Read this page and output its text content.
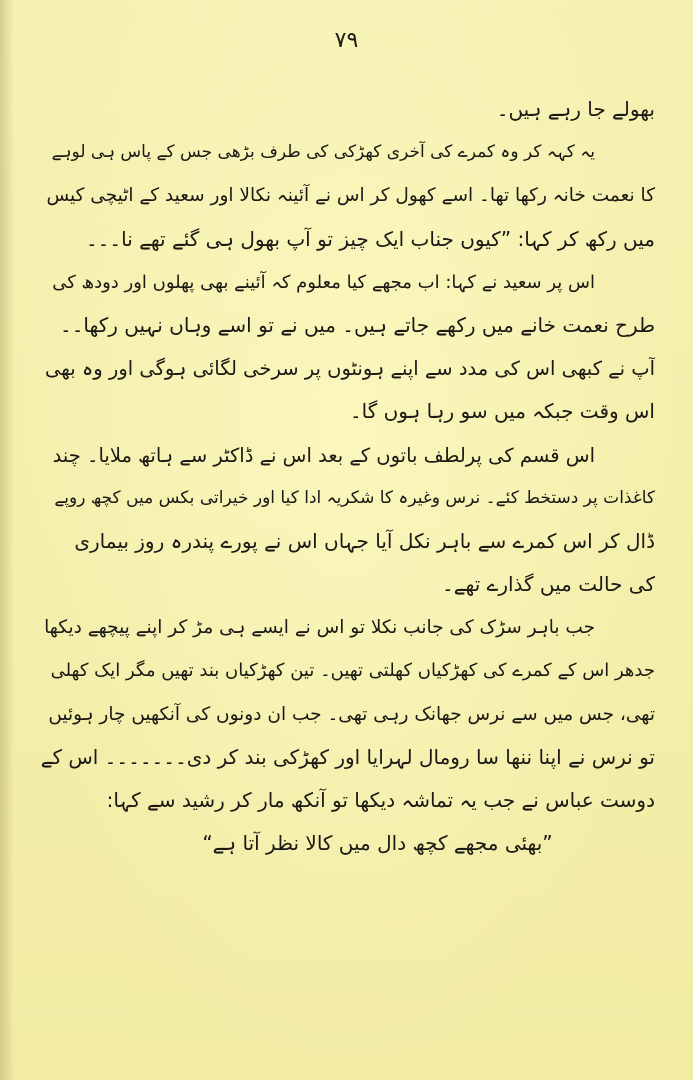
۷۹
بھولے جا رہے ہیں۔
یہ کہہ کر وہ کمرے کی آخری کھڑکی کی طرف بڑھی جس کے پاس ہی لوہے
کا نعمت خانہ رکھا تھا۔ اسے کھول کر اس نے آئینہ نکالا اور سعید کے اٹیچی کیس
میں رکھ کر کہا: ”کیوں جناب ایک چیز تو آپ بھول ہی گئے تھے نا۔۔۔
اس پر سعید نے کہا: اب مجھے کیا معلوم کہ آئینے بھی پھلوں اور دودھ کی
طرح نعمت خانے میں رکھے جاتے ہیں۔ میں نے تو اسے وہاں نہیں رکھا۔۔
آپ نے کبھی اس کی مدد سے اپنے ہونٹوں پر سرخی لگائی ہوگی اور وہ بھی
اس وقت جبکہ میں سو رہا ہوں گا۔
اس قسم کی پرلطف باتوں کے بعد اس نے ڈاکٹر سے ہاتھ ملایا۔ چند
کاغذات پر دستخط کئے۔ نرس وغیرہ کا شکریہ ادا کیا اور خیراتی بکس میں کچھ روپے
ڈال کر اس کمرے سے باہر نکل آیا جہاں اس نے پورے پندرہ روز بیماری
کی حالت میں گذارے تھے۔
جب باہر سڑک کی جانب نکلا تو اس نے ایسے ہی مڑ کر اپنے پیچھے دیکھا
جدھر اس کے کمرے کی کھڑکیاں کھلتی تھیں۔ تین کھڑکیاں بند تھیں مگر ایک کھلی
تھی، جس میں سے نرس جھانک رہی تھی۔ جب ان دونوں کی آنکھیں چار ہوئیں
تو نرس نے اپنا ننھا سا رومال لہرایا اور کھڑکی بند کر دی۔۔۔۔۔۔۔ اس کے
دوست عباس نے جب یہ تماشہ دیکھا تو آنکھ مار کر رشید سے کہا:
”بھئی مجھے کچھ دال میں کالا نظر آتا ہے“
